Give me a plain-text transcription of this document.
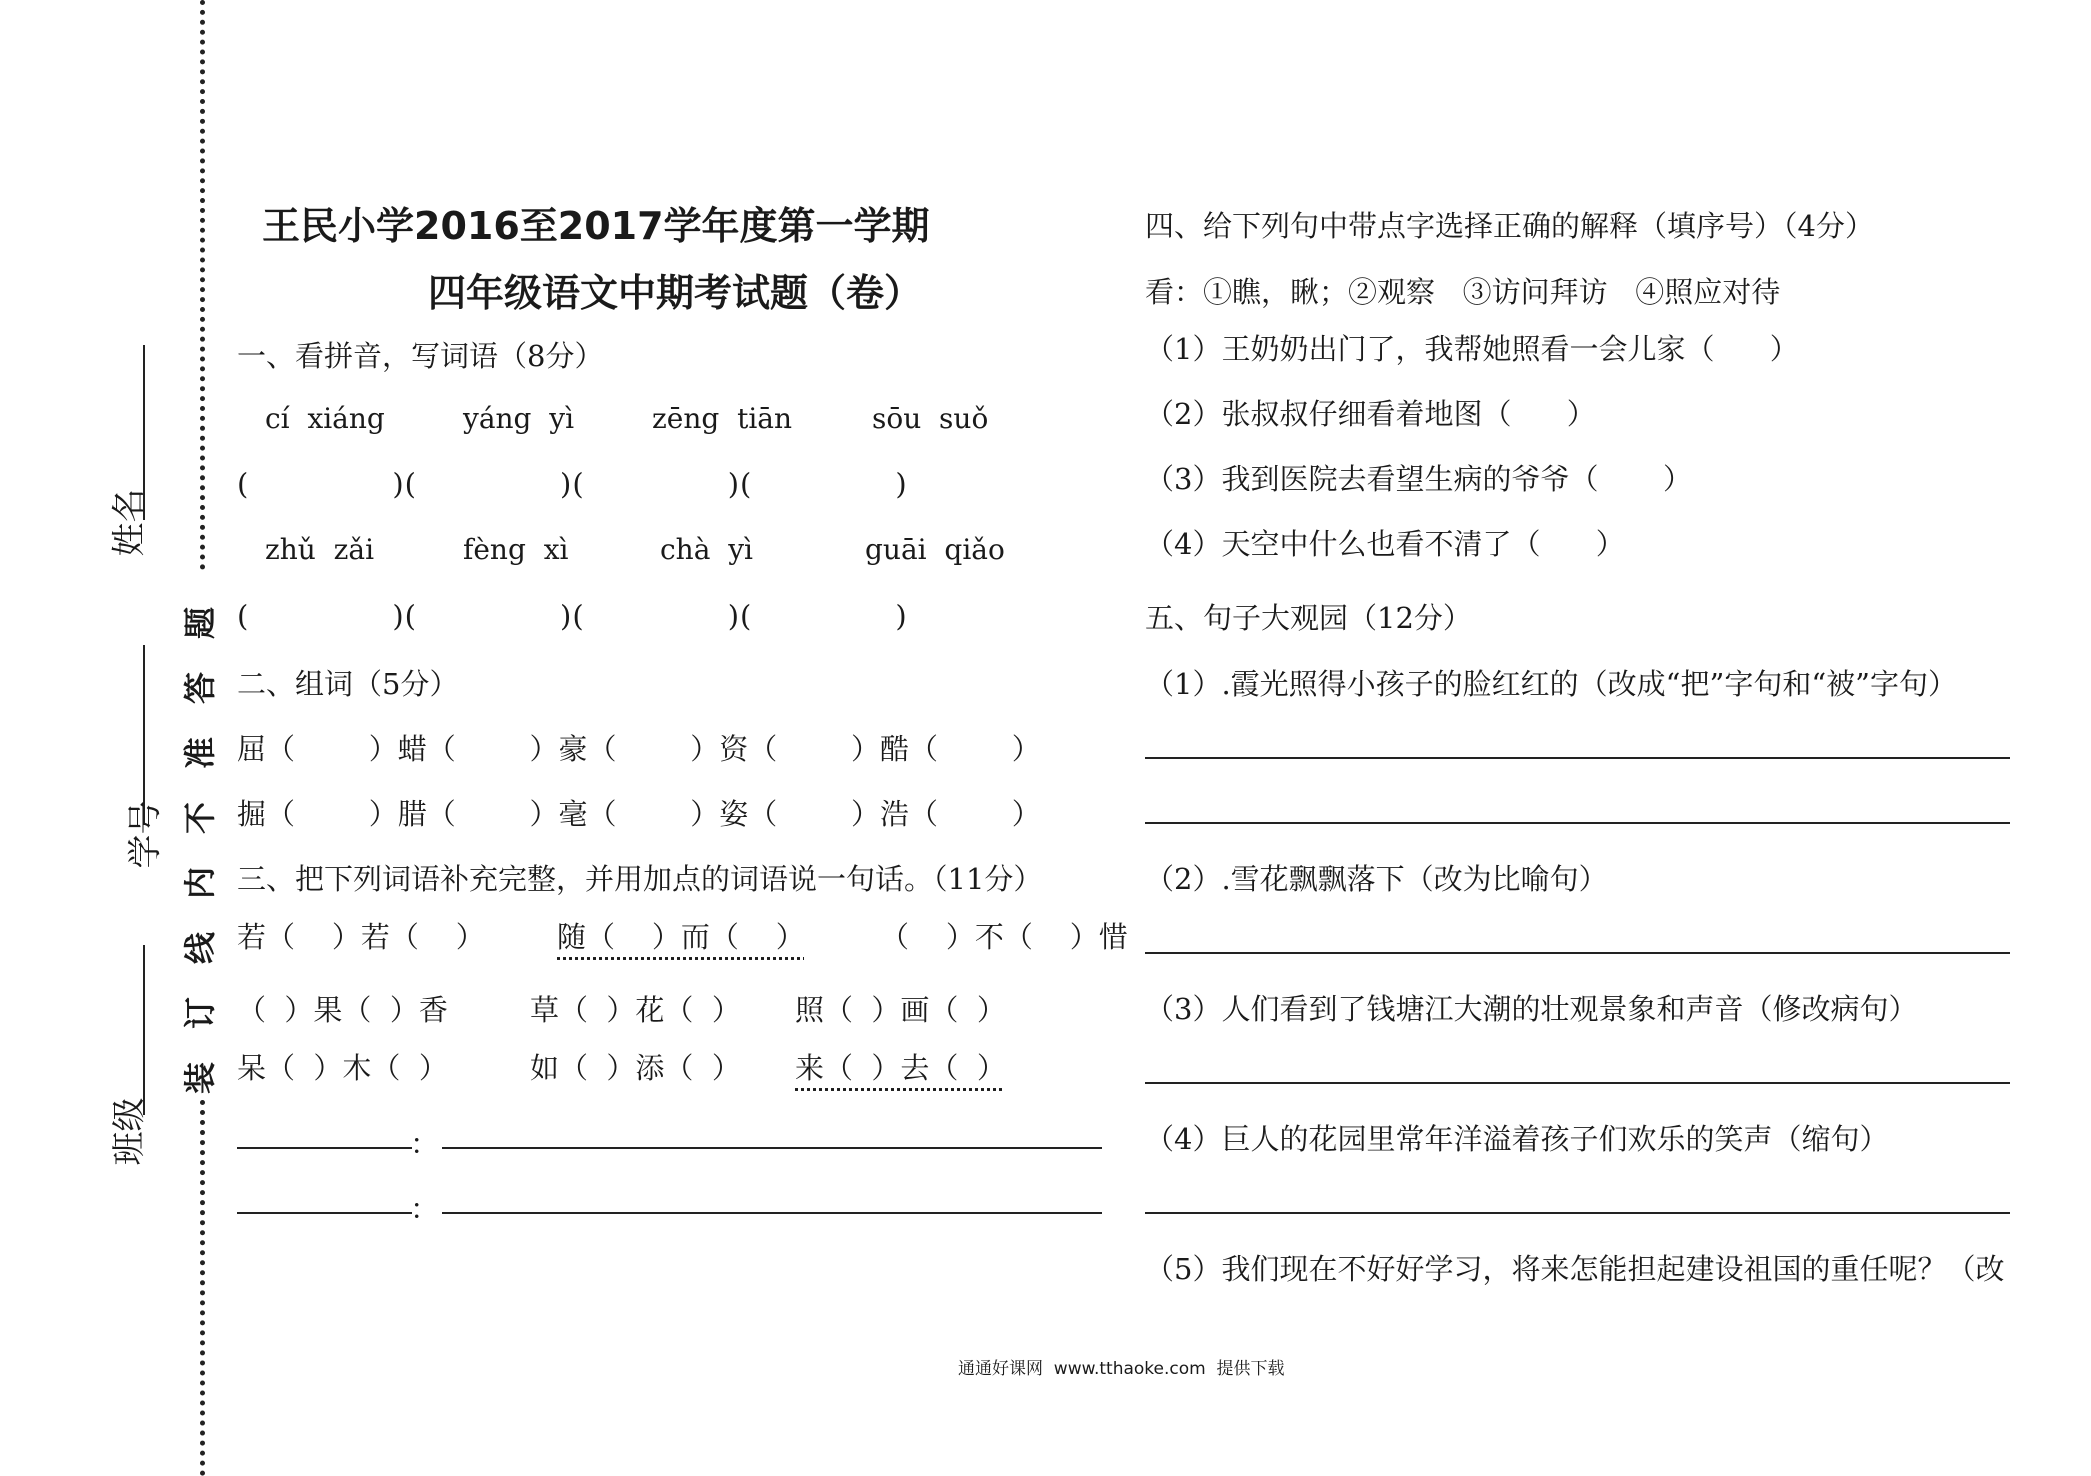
姓名
学号
班级
题
答
准
不
内
线
订
装
王民小学2016至2017学年度第一学期
四年级语文中期考试题（卷）
一、看拼音，写词语（8分）
cí  xiáng	yáng  yì	zēng  tiān	sōu  suǒ
(              )(              )(              )(              )
zhǔ  zǎi	fèng  xì	chà  yì	guāi  qiǎo
(              )(              )(              )(              )
二、组词（5分）
屈（        ）蜡（        ）豪（        ）资（        ）酷（        ）
掘（        ）腊（        ）毫（        ）姿（        ）浩（        ）
三、把下列词语补充完整，并用加点的词语说一句话。（11分）
若（    ）若（    ） 随（    ）而（    ）	（    ）不（    ）惜
（  ）果（  ）香	草（  ）花（  ） 照（  ）画（  ）
呆（  ）木（  ）	如（  ）添（  ） 来（  ）去（  ）
：
：
四、给下列句中带点字选择正确的解释（填序号）（4分）
看：①瞧，瞅；②观察   ③访问拜访   ④照应对待
（1）王奶奶出门了，我帮她照看一会儿家（      ）
（2）张叔叔仔细看着地图（      ）
（3）我到医院去看望生病的爷爷（       ）
（4）天空中什么也看不清了（      ）
五、句子大观园（12分）
（1）.霞光照得小孩子的脸红红的（改成“把”字句和“被”字句）
（2）.雪花飘飘落下（改为比喻句）
（3）人们看到了钱塘江大潮的壮观景象和声音（修改病句）
（4）巨人的花园里常年洋溢着孩子们欢乐的笑声（缩句）
（5）我们现在不好好学习，将来怎能担起建设祖国的重任呢？（改
通通好课网  www.tthaoke.com  提供下载
